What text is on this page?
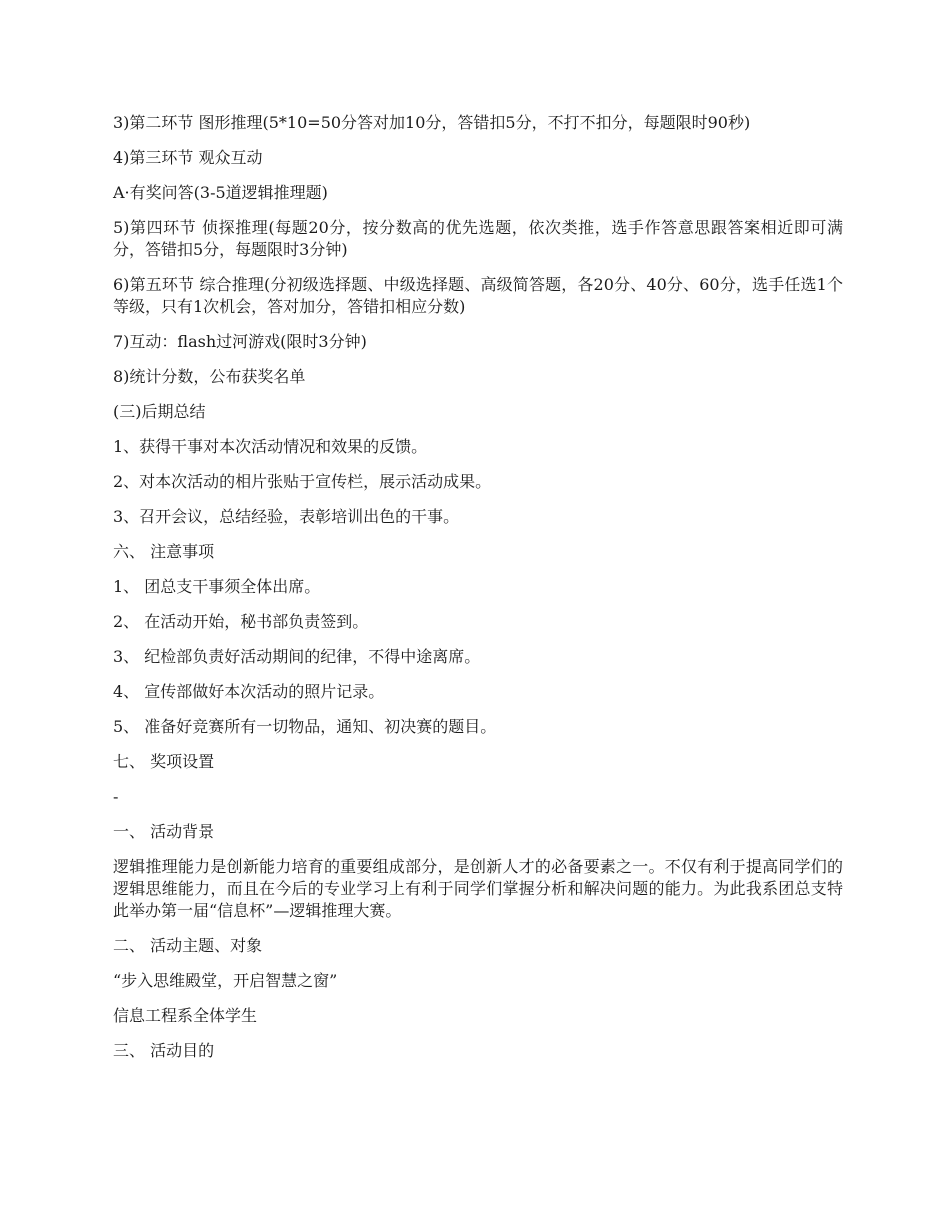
3)第二环节 图形推理(5*10=50分答对加10分，答错扣5分，不打不扣分，每题限时90秒)

4)第三环节 观众互动

A·有奖问答(3-5道逻辑推理题)

5)第四环节 侦探推理(每题20分，按分数高的优先选题，依次类推，选手作答意思跟答案相近即可满分，答错扣5分，每题限时3分钟)

6)第五环节 综合推理(分初级选择题、中级选择题、高级简答题，各20分、40分、60分，选手任选1个等级，只有1次机会，答对加分，答错扣相应分数)

7)互动：flash过河游戏(限时3分钟)

8)统计分数，公布获奖名单

(三)后期总结

1、获得干事对本次活动情况和效果的反馈。

2、对本次活动的相片张贴于宣传栏，展示活动成果。

3、召开会议，总结经验，表彰培训出色的干事。

六、 注意事项

1、 团总支干事须全体出席。

2、 在活动开始，秘书部负责签到。

3、 纪检部负责好活动期间的纪律，不得中途离席。

4、 宣传部做好本次活动的照片记录。

5、 准备好竞赛所有一切物品，通知、初决赛的题目。

七、 奖项设置

-

一、 活动背景

逻辑推理能力是创新能力培育的重要组成部分，是创新人才的必备要素之一。不仅有利于提高同学们的逻辑思维能力，而且在今后的专业学习上有利于同学们掌握分析和解决问题的能力。为此我系团总支特此举办第一届“信息杯”—逻辑推理大赛。

二、 活动主题、对象

“步入思维殿堂，开启智慧之窗”

信息工程系全体学生

三、 活动目的
